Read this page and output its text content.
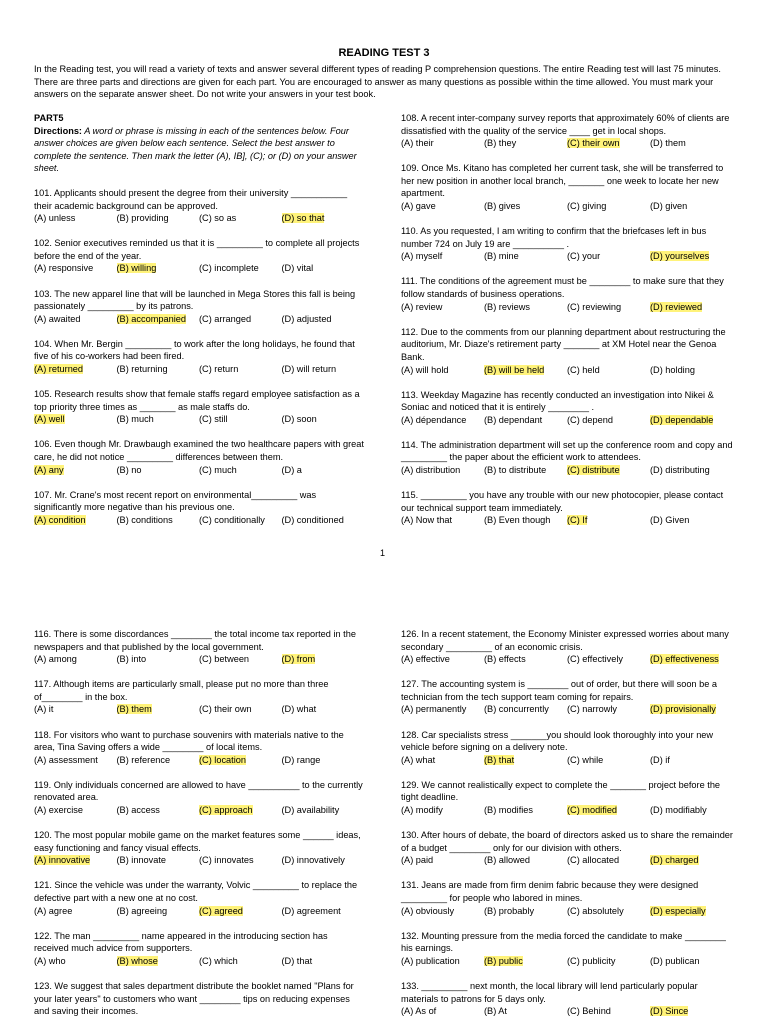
READING TEST 3
In the Reading test, you will read a variety of texts and answer several different types of reading P comprehension questions. The entire Reading test will last 75 minutes. There are three parts and directions are given for each part. You are encouraged to answer as many questions as possible within the time allowed. You must mark your answers on the separate answer sheet. Do not write your answers in your test book.
PART5
Directions: A word or phrase is missing in each of the sentences below. Four answer choices are given below each sentence. Select the best answer to complete the sentence. Then mark the letter (A), IB], (C); or (D) on your answer sheet.
101. Applicants should present the degree from their university ___________ their academic background can be approved.
(A) unless	(B) providing	(C) so as	(D) so that
102. Senior executives reminded us that it is _________ to complete all projects before the end of the year.
(A) responsive	(B) willing	(C) incomplete	(D) vital
103. The new apparel line that will be launched in Mega Stores this fall is being passionately _________ by its patrons.
(A) awaited	(B) accompanied	(C) arranged	(D) adjusted
104. When Mr. Bergin _________ to work after the long holidays, he found that five of his co-workers had been fired.
(A) returned	(B) returning	(C) return	(D) will return
105. Research results show that female staffs regard employee satisfaction as a top priority three times as _______ as male staffs do.
(A) well	(B) much	(C) still	(D) soon
106. Even though Mr. Drawbaugh examined the two healthcare papers with great care, he did not notice _________ differences between them.
(A) any	(B) no	(C) much	(D) a
107. Mr. Crane's most recent report on environmental_________ was significantly more negative than his previous one.
(A) condition	(B) conditions	(C) conditionally	(D) conditioned
108. A recent inter-company survey reports that approximately 60% of clients are dissatisfied with the quality of the service ____ get in local shops.
(A) their	(B) they	(C) their own	(D) them
109. Once Ms. Kitano has completed her current task, she will be transferred to her new position in another local branch, _______ one week to locate her new apartment.
(A) gave	(B) gives	(C) giving	(D) given
110. As you requested, I am writing to confirm that the briefcases left in bus number 724 on July 19 are __________ .
(A) myself	(B) mine	(C) your	(D) yourselves
111. The conditions of the agreement must be ________ to make sure that they follow standards of business operations.
(A) review	(B) reviews	(C) reviewing	(D) reviewed
112. Due to the comments from our planning department about restructuring the auditorium, Mr. Diaze's retirement party _______ at XM Hotel near the Genoa Bank.
(A) will hold	(B) will be held	(C) held	(D) holding
113. Weekday Magazine has recently conducted an investigation into Nikei & Soniac and noticed that it is entirely ________ .
(A) dépendance	(B) dependant	(C) depend	(D) dependable
114. The administration department will set up the conference room and copy and _________ the paper about the efficient work to attendees.
(A) distribution	(B) to distribute	(C) distribute	(D) distributing
115. _________ you have any trouble with our new photocopier, please contact our technical support team immediately.
(A) Now that	(B) Even though	(C) If	(D) Given
1
116. There is some discordances ________ the total income tax reported in the newspapers and that published by the local government.
(A) among	(B) into	(C) between	(D) from
117. Although items are particularly small, please put no more than three of________ in the box.
(A) it	(B) them	(C) their own	(D) what
118. For visitors who want to purchase souvenirs with materials native to the area, Tina Saving offers a wide ________ of local items.
(A) assessment	(B) reference	(C) location	(D) range
119. Only individuals concerned are allowed to have __________ to the currently renovated area.
(A) exercise	(B) access	(C) approach	(D) availability
120. The most popular mobile game on the market features some ______ ideas, easy functioning and fancy visual effects.
(A) innovative	(B) innovate	(C) innovates	(D) innovatively
121. Since the vehicle was under the warranty, Volvic _________ to replace the defective part with a new one at no cost.
(A) agree	(B) agreeing	(C) agreed	(D) agreement
122. The man _________ name appeared in the introducing section has received much advice from supporters.
(A) who	(B) whose	(C) which	(D) that
123. We suggest that sales department distribute the booklet named "Plans for your later years" to customers who want ________ tips on reducing expenses and saving their incomes.
126. In a recent statement, the Economy Minister expressed worries about many secondary _________ of an economic crisis.
(A) effective	(B) effects	(C) effectively	(D) effectiveness
127. The accounting system is ________ out of order, but there will soon be a technician from the tech support team coming for repairs.
(A) permanently	(B) concurrently	(C) narrowly	(D) provisionally
128. Car specialists stress _______you should look thoroughly into your new vehicle before signing on a delivery note.
(A) what	(B) that	(C) while	(D) if
129. We cannot realistically expect to complete the _______ project before the tight deadline.
(A) modify	(B) modifies	(C) modified	(D) modifiably
130. After hours of debate, the board of directors asked us to share the remainder of a budget ________ only for our division with others.
(A) paid	(B) allowed	(C) allocated	(D) charged
131. Jeans are made from firm denim fabric because they were designed _________ for people who labored in mines.
(A) obviously	(B) probably	(C) absolutely	(D) especially
132. Mounting pressure from the media forced the candidate to make ________ his earnings.
(A) publication	(B) public	(C) publicity	(D) publican
133. _________ next month, the local library will lend particularly popular materials to patrons for 5 days only.
(A) As of	(B) At	(C) Behind	(D) Since
